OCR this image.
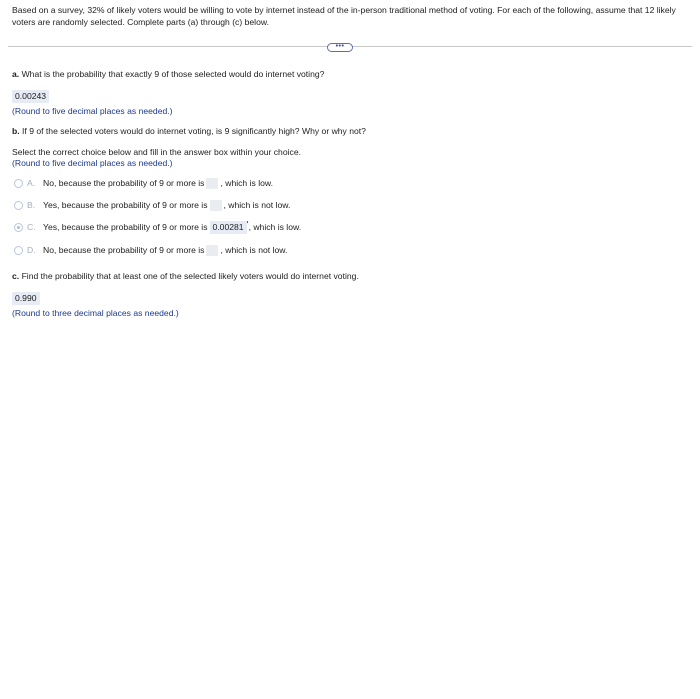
Based on a survey, 32% of likely voters would be willing to vote by internet instead of the in-person traditional method of voting. For each of the following, assume that 12 likely voters are randomly selected. Complete parts (a) through (c) below.
•••
a. What is the probability that exactly 9 of those selected would do internet voting?
0.00243
(Round to five decimal places as needed.)
b. If 9 of the selected voters would do internet voting, is 9 significantly high? Why or why not?
Select the correct choice below and fill in the answer box within your choice.
(Round to five decimal places as needed.)
A. No, because the probability of 9 or more is , which is low.
B. Yes, because the probability of 9 or more is , which is not low.
C. Yes, because the probability of 9 or more is 0.00281 ' , which is low.
D. No, because the probability of 9 or more is , which is not low.
c. Find the probability that at least one of the selected likely voters would do internet voting.
0.990
(Round to three decimal places as needed.)
